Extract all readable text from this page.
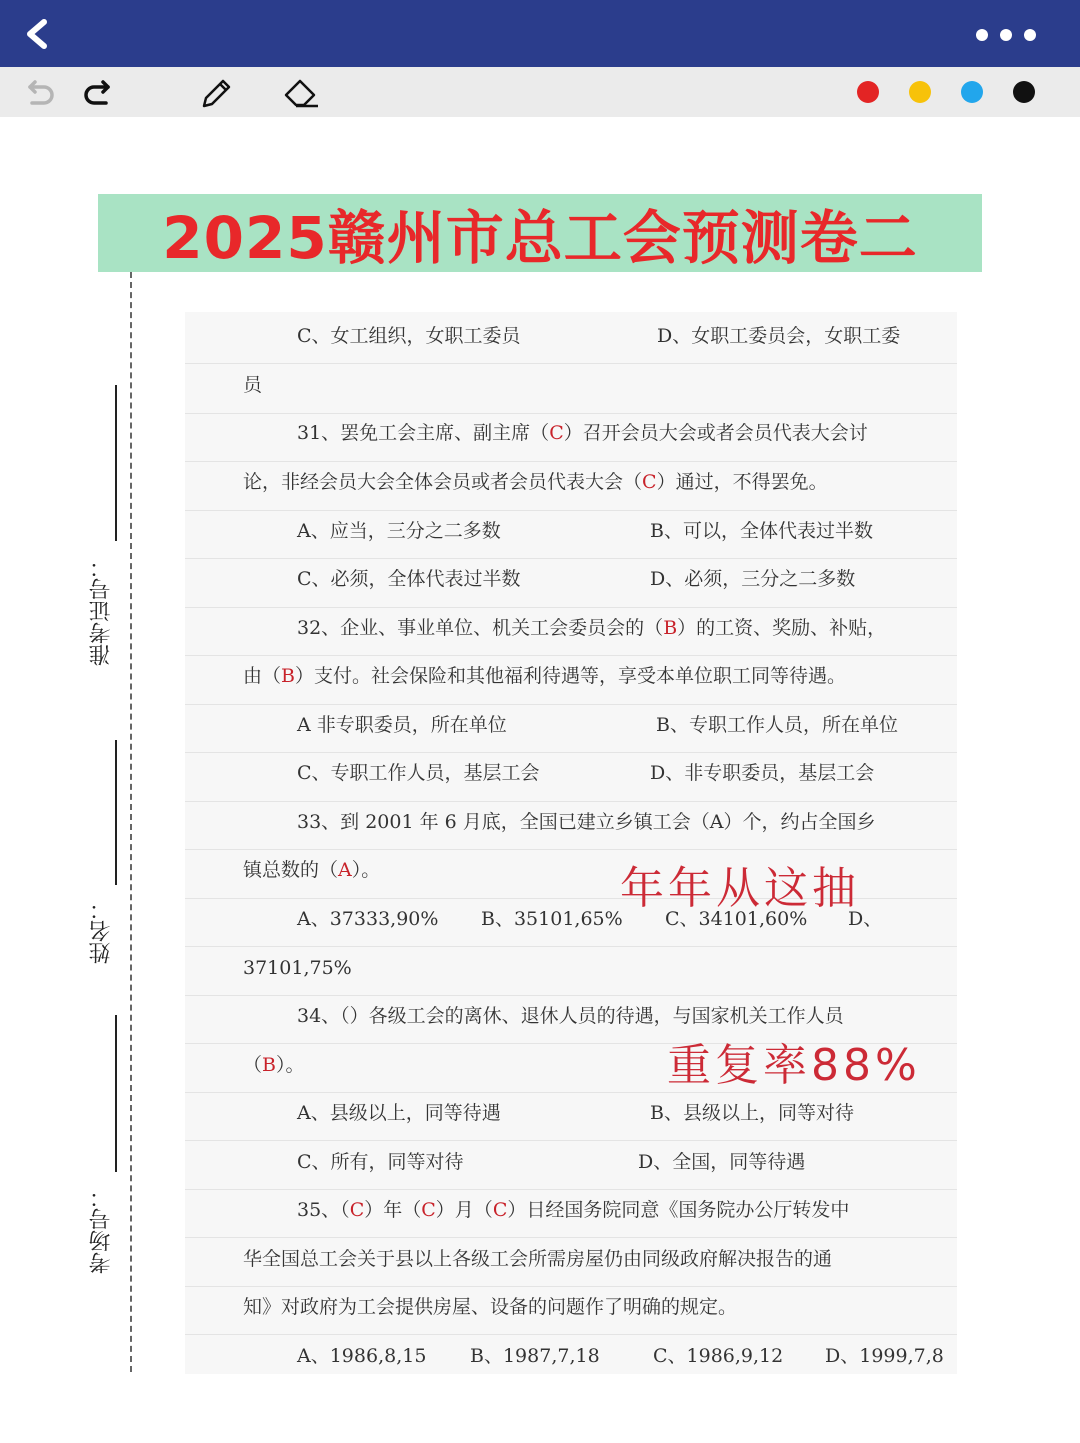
2025赣州市总工会预测卷二
准考证号：
姓名：
考场号：
C、女工组织，女职工委员	D、女职工委员会，女职工委
员
31、罢免工会主席、副主席（C）召开会员大会或者会员代表大会讨
论，非经会员大会全体会员或者会员代表大会（C）通过，不得罢免。
A、应当，三分之二多数	B、可以，全体代表过半数
C、必须，全体代表过半数	D、必须，三分之二多数
32、企业、事业单位、机关工会委员会的（B）的工资、奖励、补贴，
由（B）支付。社会保险和其他福利待遇等，享受本单位职工同等待遇。
A 非专职委员，所在单位	B、专职工作人员，所在单位
C、专职工作人员，基层工会	D、非专职委员，基层工会
33、到 2001 年 6 月底，全国已建立乡镇工会（A）个，约占全国乡
镇总数的（A）。
A、37333,90% B、35101,65% C、34101,60% D、
37101,75%
34、（）各级工会的离休、退休人员的待遇，与国家机关工作人员
（B）。
A、县级以上，同等待遇	B、县级以上，同等对待
C、所有，同等对待	D、全国，同等待遇
35、（C）年（C）月（C）日经国务院同意《国务院办公厅转发中
华全国总工会关于县以上各级工会所需房屋仍由同级政府解决报告的通
知》对政府为工会提供房屋、设备的问题作了明确的规定。
A、1986,8,15 B、1987,7,18	C、1986,9,12 D、1999,7,8
年年从这抽
重复率88%
